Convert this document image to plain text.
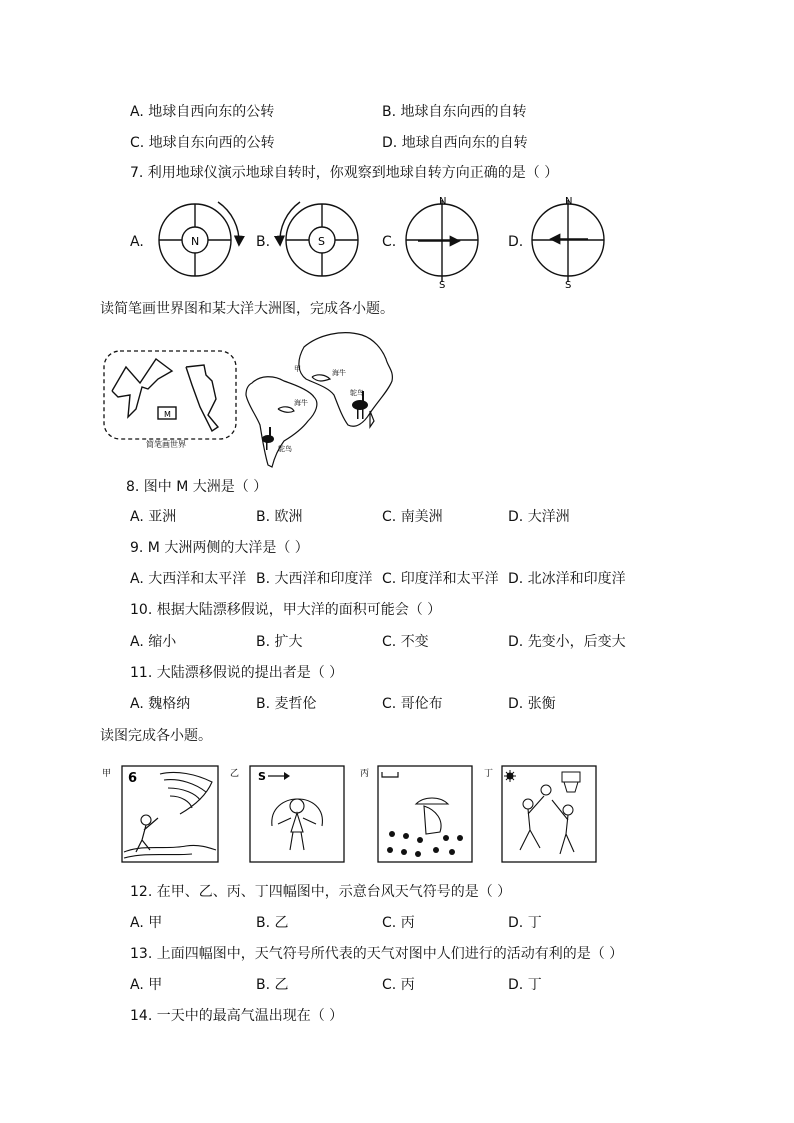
A. 地球自西向东的公转	B. 地球自东向西的自转
C. 地球自东向西的公转	D. 地球自西向东的自转
7. 利用地球仪演示地球自转时，你观察到地球自转方向正确的是（ ）
A.	B.	C.	D.
N	S
N
S
N
S
读简笔画世界图和某大洋大洲图，完成各小题。
M
简笔画世界
甲	海牛
海牛
鸵鸟
鸵鸟
8. 图中 M 大洲是（ ）
A. 亚洲	B. 欧洲	C. 南美洲	D. 大洋洲
9. M 大洲两侧的大洋是（ ）
A. 大西洋和太平洋 B. 大西洋和印度洋 C. 印度洋和太平洋 D. 北冰洋和印度洋
10. 根据大陆漂移假说，甲大洋的面积可能会（ ）
A. 缩小	B. 扩大	C. 不变	D. 先变小，后变大
11. 大陆漂移假说的提出者是（ ）
A. 魏格纳	B. 麦哲伦	C. 哥伦布	D. 张衡
读图完成各小题。
6
甲	S
乙	丙	丁
12. 在甲、乙、丙、丁四幅图中，示意台风天气符号的是（ ）
A. 甲	B. 乙	C. 丙	D. 丁
13. 上面四幅图中，天气符号所代表的天气对图中人们进行的活动有利的是（ ）
A. 甲	B. 乙	C. 丙	D. 丁
14. 一天中的最高气温出现在（ ）
